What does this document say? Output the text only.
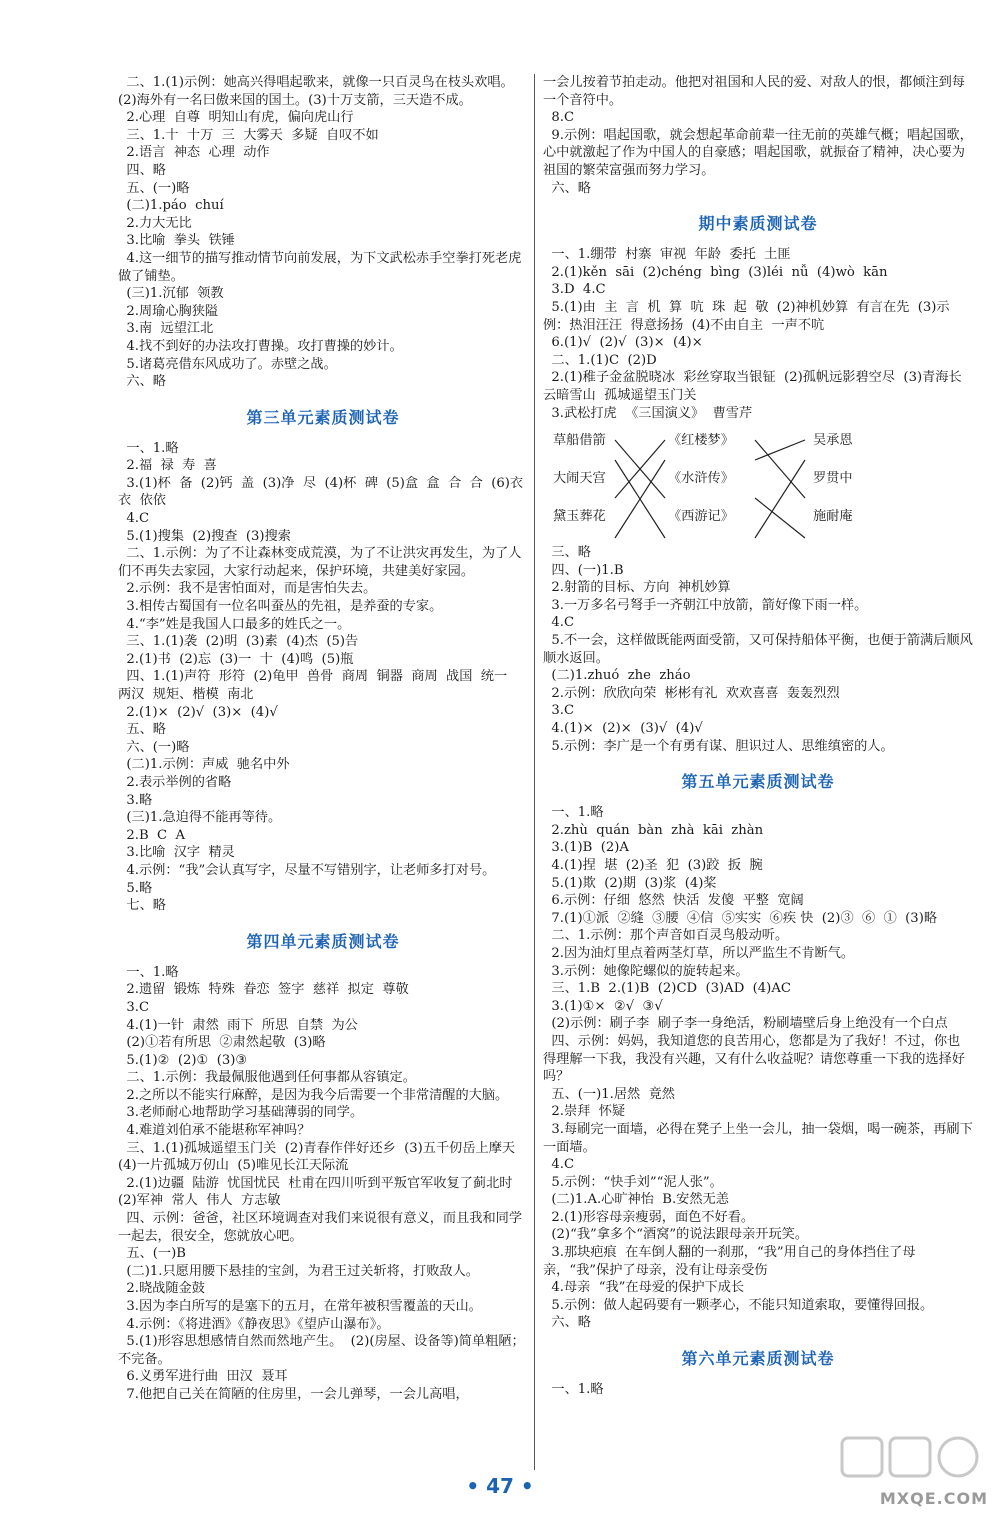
二、1.(1)示例：她高兴得唱起歌来，就像一只百灵鸟在枝头欢唱。(2)海外有一名曰傲来国的国土。(3)十万支箭，三天造不成。

2.心理  自尊  明知山有虎，偏向虎山行

三、1.十  十万  三  大雾天  多疑  自叹不如

2.语言  神态  心理  动作

四、略

五、(一)略

(二)1.páo  chuí

2.力大无比

3.比喻  拳头  铁锤

4.这一细节的描写推动情节向前发展，为下文武松赤手空拳打死老虎做了铺垫。

(三)1.沉郁  领教

2.周瑜心胸狭隘

3.南  远望江北

4.找不到好的办法攻打曹操。攻打曹操的妙计。

5.诸葛亮借东风成功了。赤壁之战。

六、略

第三单元素质测试卷

一、1.略

2.福  禄  寿  喜

3.(1)杯  备  (2)钙  盖  (3)净  尽  (4)杯  碑  (5)盒  盒  合  合  (6)衣衣  依依

4.C

5.(1)搜集  (2)搜查  (3)搜索

二、1.示例：为了不让森林变成荒漠，为了不让洪灾再发生，为了人们不再失去家园，大家行动起来，保护环境，共建美好家园。

2.示例：我不是害怕面对，而是害怕失去。

3.相传古蜀国有一位名叫蚕丛的先祖，是养蚕的专家。

4.“李”姓是我国人口最多的姓氏之一。

三、1.(1)袭  (2)明  (3)素  (4)杰  (5)告

2.(1)书  (2)忘  (3)一  十  (4)鸣  (5)瓶

四、1.(1)声符  形符  (2)龟甲  兽骨  商周  铜器  商周  战国  统一  两汉  规矩、楷模  南北

2.(1)×  (2)√  (3)×  (4)√

五、略

六、(一)略

(二)1.示例：声威  驰名中外

2.表示举例的省略

3.略

(三)1.急迫得不能再等待。

2.B  C  A

3.比喻  汉字  精灵

4.示例：“我”会认真写字，尽量不写错别字，让老师多打对号。

5.略

七、略

第四单元素质测试卷

一、1.略

2.遗留  锻炼  特殊  眷恋  签字  慈祥  拟定  尊敬

3.C

4.(1)一针  肃然  雨下  所思  自禁  为公

(2)①若有所思  ②肃然起敬  (3)略

5.(1)②  (2)①  (3)③

二、1.示例：我最佩服他遇到任何事都从容镇定。

2.之所以不能实行麻醉，是因为我今后需要一个非常清醒的大脑。

3.老师耐心地帮助学习基础薄弱的同学。

4.难道刘伯承不能堪称军神吗？

三、1.(1)孤城遥望玉门关  (2)青春作伴好还乡  (3)五千仞岳上摩天  (4)一片孤城万仞山  (5)唯见长江天际流

2.(1)边疆  陆游  忧国忧民  杜甫在四川听到平叛官军收复了蓟北时  (2)军神  常人  伟人  方志敏

四、示例：爸爸，社区环境调查对我们来说很有意义，而且我和同学一起去，很安全，您就放心吧。

五、(一)B

(二)1.只愿用腰下悬挂的宝剑，为君王过关斩将，打败敌人。

2.晓战随金鼓

3.因为李白所写的是塞下的五月，在常年被积雪覆盖的天山。

4.示例：《将进酒》《静夜思》《望庐山瀑布》。

5.(1)形容思想感情自然而然地产生。  (2)(房屋、设备等)简单粗陋；不完备。

6.义勇军进行曲  田汉  聂耳

7.他把自己关在简陋的住房里，一会儿弹琴，一会儿高唱，

一会儿按着节拍走动。他把对祖国和人民的爱、对敌人的恨，都倾注到每一个音符中。

8.C

9.示例：唱起国歌，就会想起革命前辈一往无前的英雄气概；唱起国歌，心中就激起了作为中国人的自豪感；唱起国歌，就振奋了精神，决心要为祖国的繁荣富强而努力学习。

六、略

期中素质测试卷

一、1.绷带  村寨  审视  年龄  委托  土匪

2.(1)kěn  sāi  (2)chéng  bìng  (3)léi  nǚ  (4)wò  kān

3.D  4.C

5.(1)由  主  言  机  算  吭  珠  起  敬  (2)神机妙算  有言在先  (3)示例：热泪汪汪  得意扬扬  (4)不由自主  一声不吭

6.(1)√  (2)√  (3)×  (4)×

二、1.(1)C  (2)D

2.(1)稚子金盆脱晓冰  彩丝穿取当银钲  (2)孤帆远影碧空尽  (3)青海长云暗雪山  孤城遥望玉门关

3.武松打虎  《三国演义》  曹雪芹

草船借箭
大闹天宫
黛玉葬花
《红楼梦》
《水浒传》
《西游记》
吴承恩
罗贯中
施耐庵

三、略

四、(一)1.B

2.射箭的目标、方向  神机妙算

3.一万多名弓弩手一齐朝江中放箭，箭好像下雨一样。

4.C

5.不一会，这样做既能两面受箭，又可保持船体平衡，也便于箭满后顺风顺水返回。

(二)1.zhuó  zhe  zháo

2.示例：欣欣向荣  彬彬有礼  欢欢喜喜  轰轰烈烈

3.C

4.(1)×  (2)×  (3)√  (4)√

5.示例：李广是一个有勇有谋、胆识过人、思维缜密的人。

第五单元素质测试卷

一、1.略

2.zhù  quán  bàn  zhà  kāi  zhàn

3.(1)B  (2)A

4.(1)捏  堪  (2)圣  犯  (3)跤  扳  腕

5.(1)欺  (2)期  (3)浆  (4)桨

6.示例：仔细  悠然  快活  发傻  平整  宽阔

7.(1)①派  ②缝  ③腰  ④信  ⑤实实  ⑥疾 快  (2)③  ⑥  ①  (3)略

二、1.示例：那个声音如百灵鸟般动听。

2.因为油灯里点着两茎灯草，所以严监生不肯断气。

3.示例：她像陀螺似的旋转起来。

三、1.B  2.(1)B  (2)CD  (3)AD  (4)AC

3.(1)①×  ②√  ③√

(2)示例：刷子李  刷子李一身绝活，粉刷墙壁后身上绝没有一个白点

四、示例：妈妈，我知道您的良苦用心，您都是为了我好！不过，你也得理解一下我，我没有兴趣，又有什么收益呢？请您尊重一下我的选择好吗？

五、(一)1.居然  竟然

2.崇拜  怀疑

3.每刷完一面墙，必得在凳子上坐一会儿，抽一袋烟，喝一碗茶，再刷下一面墙。

4.C

5.示例：“快手刘”“泥人张”。

(二)1.A.心旷神怡  B.安然无恙

2.(1)形容母亲瘦弱，面色不好看。

(2)“我”拿多个“酒窝”的说法跟母亲开玩笑。

3.那块疤痕  在车倒人翻的一刹那，“我”用自己的身体挡住了母亲，“我”保护了母亲，没有让母亲受伤

4.母亲  “我”在母爱的保护下成长

5.示例：做人起码要有一颗孝心，不能只知道索取，要懂得回报。

六、略

第六单元素质测试卷

一、1.略

• 47 •
MXQE.COM
